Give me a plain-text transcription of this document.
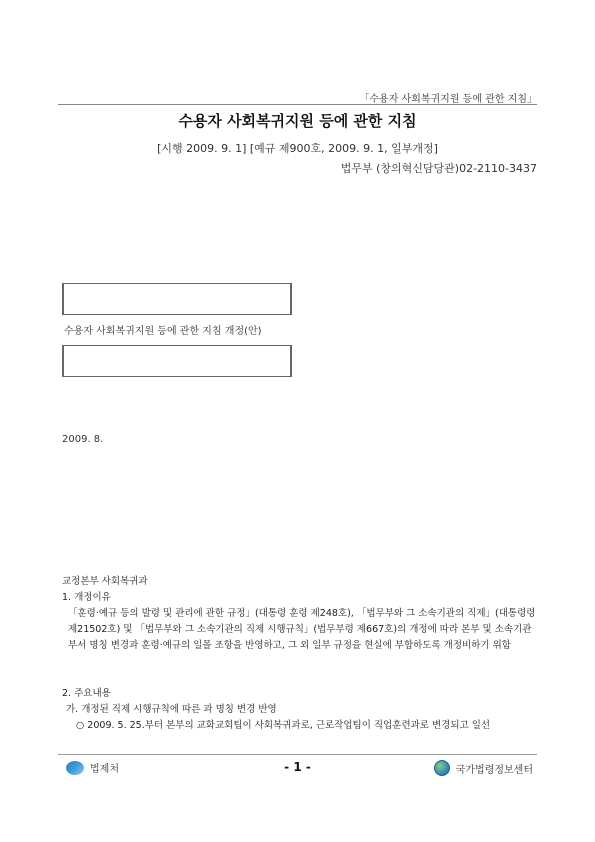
「수용자 사회복귀지원 등에 관한 지침」
수용자 사회복귀지원 등에 관한 지침
[시행 2009. 9. 1] [예규 제900호, 2009. 9. 1, 일부개정]
법무부 (창의혁신담당관)02-2110-3437
수용자 사회복귀지원 등에 관한 지침 개정(안)
2009. 8.
교정본부 사회복귀과
1. 개정이유
「훈령·예규 등의 발령 및 관리에 관한 규정」(대통령 훈령 제248호), 「법무부와 그 소속기관의 직제」(대통령령 제21502호) 및 「법무부와 그 소속기관의 직제 시행규칙」(법무부령 제667호)의 개정에 따라 본부 및 소속기관 부서 명칭 변경과 훈령·예규의 일몰 조항을 반영하고, 그 외 일부 규정을 현실에 부합하도록 개정비하기 위함
2. 주요내용
가. 개정된 직제 시행규칙에 따른 과 명칭 변경 반영
○ 2009. 5. 25.부터 본부의 교화교회팀이 사회복귀과로, 근로작업팀이 직업훈련과로 변경되고 일선
법제처	- 1 -	국가법령정보센터
